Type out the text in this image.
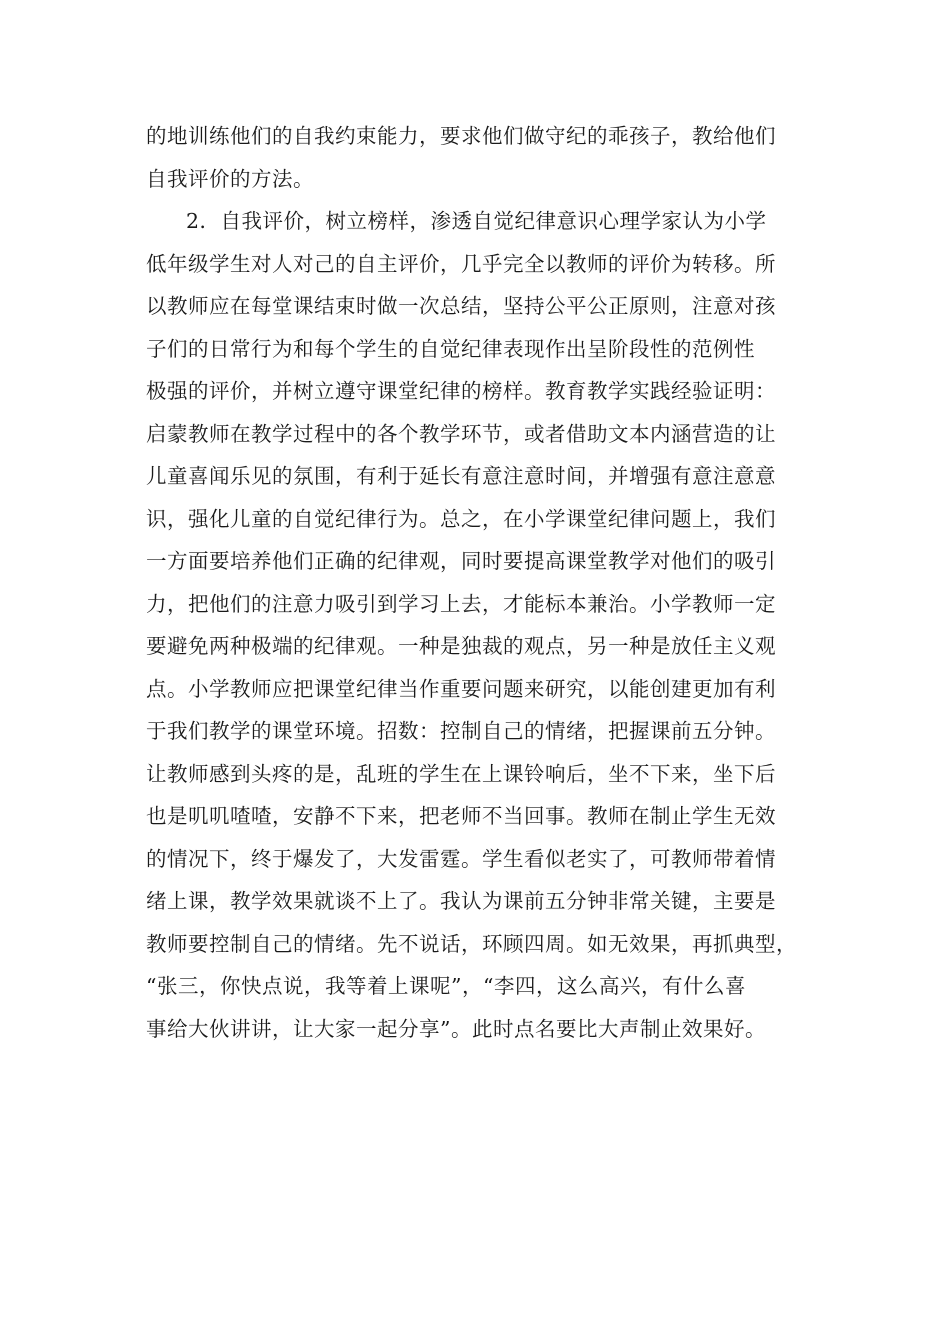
的地训练他们的自我约束能力，要求他们做守纪的乖孩子，教给他们
自我评价的方法。
2．自我评价，树立榜样，渗透自觉纪律意识心理学家认为小学
低年级学生对人对己的自主评价，几乎完全以教师的评价为转移。所
以教师应在每堂课结束时做一次总结，坚持公平公正原则，注意对孩
子们的日常行为和每个学生的自觉纪律表现作出呈阶段性的范例性
极强的评价，并树立遵守课堂纪律的榜样。教育教学实践经验证明：
启蒙教师在教学过程中的各个教学环节，或者借助文本内涵营造的让
儿童喜闻乐见的氛围，有利于延长有意注意时间，并增强有意注意意
识，强化儿童的自觉纪律行为。总之，在小学课堂纪律问题上，我们
一方面要培养他们正确的纪律观，同时要提高课堂教学对他们的吸引
力，把他们的注意力吸引到学习上去，才能标本兼治。小学教师一定
要避免两种极端的纪律观。一种是独裁的观点，另一种是放任主义观
点。小学教师应把课堂纪律当作重要问题来研究，以能创建更加有利
于我们教学的课堂环境。招数：控制自己的情绪，把握课前五分钟。
让教师感到头疼的是，乱班的学生在上课铃响后，坐不下来，坐下后
也是叽叽喳喳，安静不下来，把老师不当回事。教师在制止学生无效
的情况下，终于爆发了，大发雷霆。学生看似老实了，可教师带着情
绪上课，教学效果就谈不上了。我认为课前五分钟非常关键，主要是
教师要控制自己的情绪。先不说话，环顾四周。如无效果，再抓典型，
“张三，你快点说，我等着上课呢”，“李四，这么高兴，有什么喜
事给大伙讲讲，让大家一起分享”。此时点名要比大声制止效果好。
